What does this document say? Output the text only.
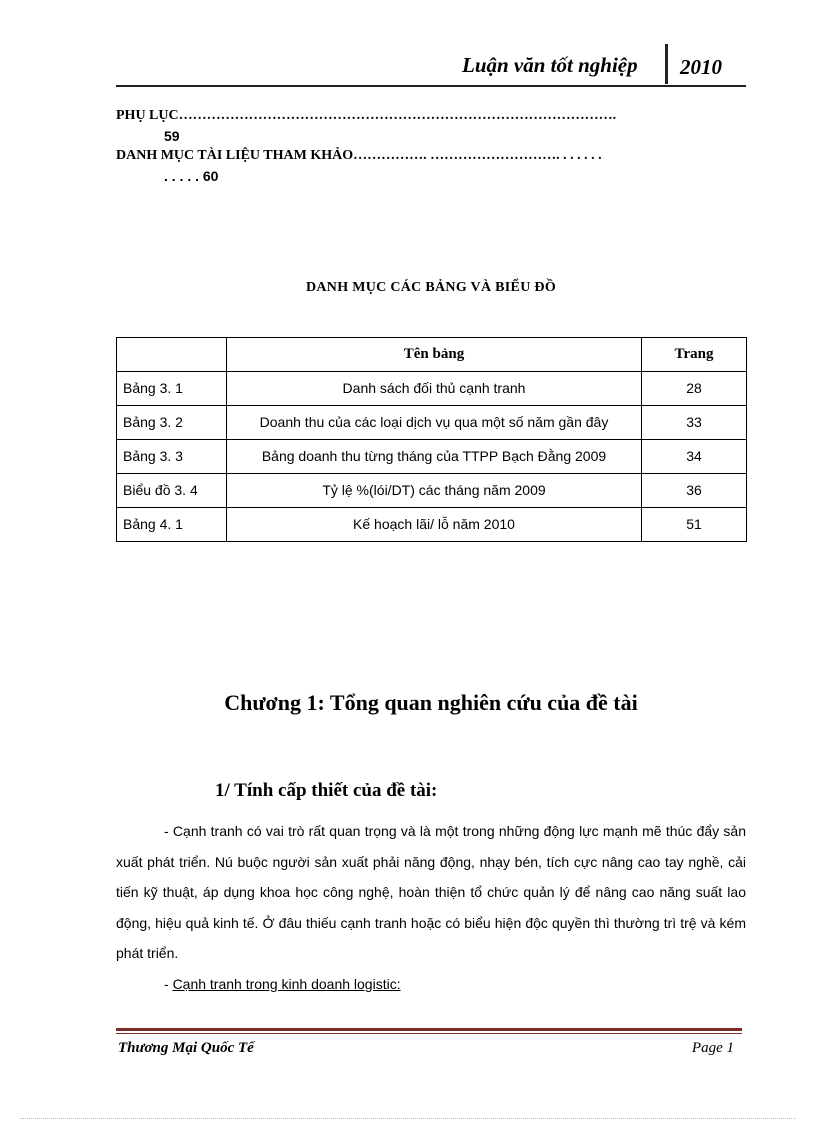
Luận văn tốt nghiệp 2010
PHỤ LỤC………………………………………………………………………………….
59
DANH MỤC TÀI LIỆU THAM KHẢO……………. ………………………. . . . . . .
. . . . . 60
DANH MỤC CÁC BẢNG VÀ BIỂU ĐỒ
	Tên bảng	Trang
Bảng 3. 1	Danh sách đối thủ cạnh tranh	28
Bảng 3. 2	Doanh thu của các loại dịch vụ qua một số năm gần đây	33
Bảng 3. 3	Bảng doanh thu từng tháng của TTPP Bạch Đằng 2009	34
Biểu đồ 3. 4	Tỷ lệ %(lói/DT) các tháng năm 2009	36
Bảng 4. 1	Kế hoạch lãi/ lỗ năm 2010	51
Chương 1: Tổng quan nghiên cứu của đề tài
1/ Tính cấp thiết của đề tài:

- Cạnh tranh có vai trò rất quan trọng và là một trong những động lực mạnh mẽ thúc đẩy sản xuất phát triển. Nú buộc người sản xuất phải năng động, nhạy bén, tích cực nâng cao tay nghề, cải tiến kỹ thuật, áp dụng khoa học công nghệ, hoàn thiện tổ chức quản lý để nâng cao năng suất lao động, hiệu quả kinh tế. Ở đâu thiếu cạnh tranh hoặc có biểu hiện độc quyền thì thường trì trệ và kém phát triển.

- Cạnh tranh trong kinh doanh logistic:

Thương Mại Quốc Tế	Page 1
